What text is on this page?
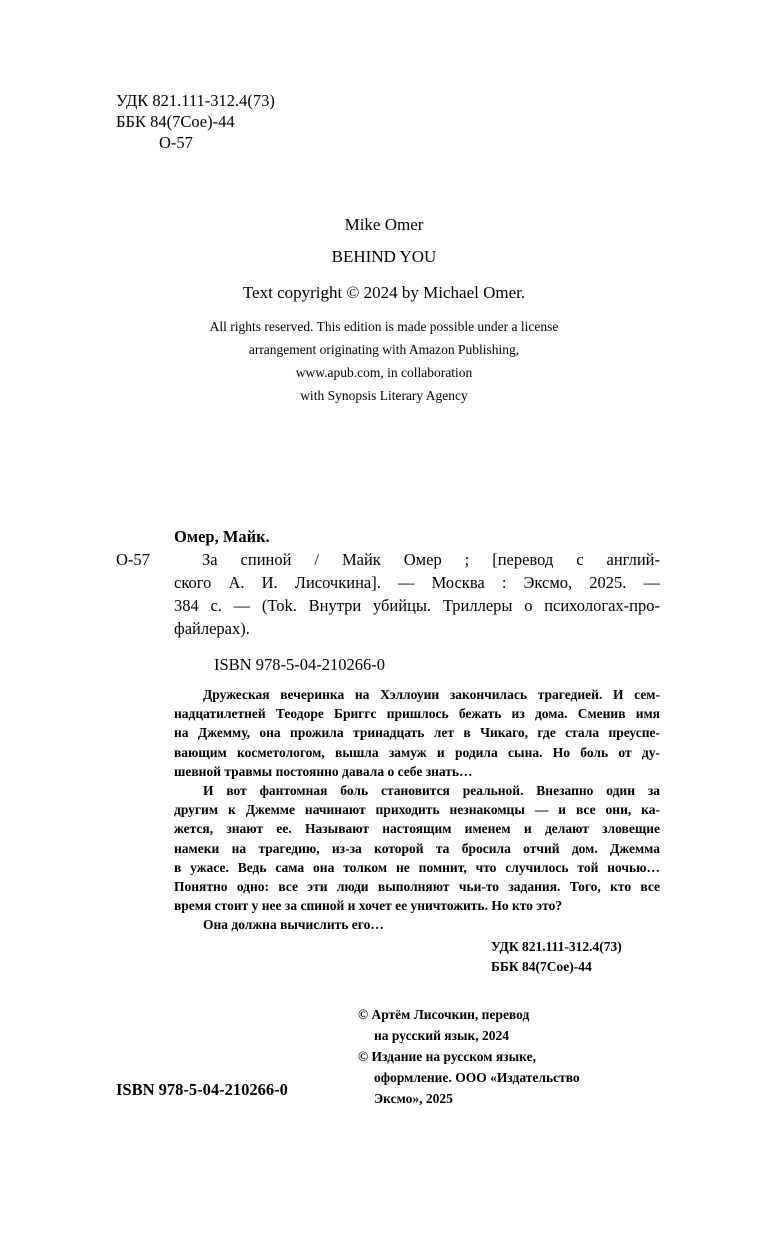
УДК 821.111-312.4(73)
ББК 84(7Сое)-44
О-57
Mike Omer
BEHIND YOU
Text copyright © 2024 by Michael Omer.
All rights reserved. This edition is made possible under a license
arrangement originating with Amazon Publishing,
www.apub.com, in collaboration
with Synopsis Literary Agency
Омер, Майк.
О-57	За спиной / Майк Омер ; [перевод с англий-
ского А. И. Лисочкина]. — Москва : Эксмо, 2025. —
384 с. — (Tok. Внутри убийцы. Триллеры о психологах-про-
файлерах).
ISBN 978-5-04-210266-0
Дружеская вечеринка на Хэллоуин закончилась трагедией. И сем-
надцатилетней Теодоре Бриггс пришлось бежать из дома. Сменив имя
на Джемму, она прожила тринадцать лет в Чикаго, где стала преуспе-
вающим косметологом, вышла замуж и родила сына. Но боль от ду-
шевной травмы постоянно давала о себе знать…
И вот фантомная боль становится реальной. Внезапно один за
другим к Джемме начинают приходить незнакомцы — и все они, ка-
жется, знают ее. Называют настоящим именем и делают зловещие
намеки на трагедию, из-за которой та бросила отчий дом. Джемма
в ужасе. Ведь сама она толком не помнит, что случилось той ночью…
Понятно одно: все эти люди выполняют чьи-то задания. Того, кто все
время стоит у нее за спиной и хочет ее уничтожить. Но кто это?
Она должна вычислить его…
УДК 821.111-312.4(73)
ББК 84(7Сое)-44
© Артём Лисочкин, перевод
на русский язык, 2024
© Издание на русском языке,
оформление. ООО «Издательство
Эксмо», 2025
ISBN 978-5-04-210266-0
